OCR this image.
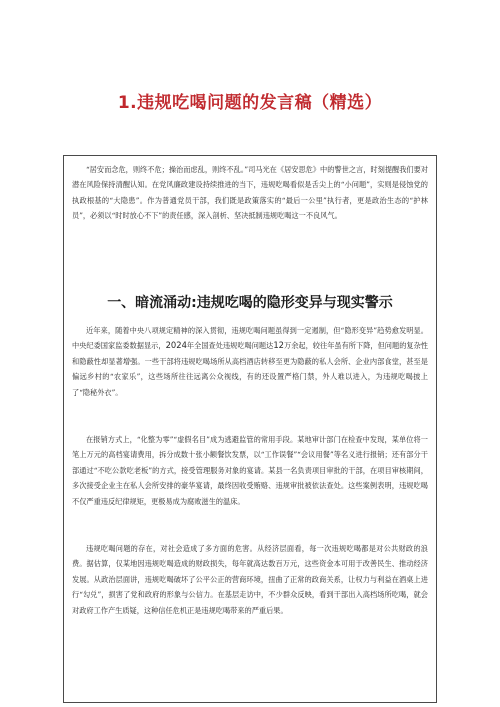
1.违规吃喝问题的发言稿（精选）

“居安而念危，则终不危；操治而虑乱，则终不乱。”司马光在《居安思危》中的警世之言，时刻提醒我们要对潜在风险保持清醒认知。在党风廉政建设持续推进的当下，违规吃喝看似是舌尖上的“小问题”，实则是侵蚀党的执政根基的“大隐患”。作为普通党员干部，我们既是政策落实的“最后一公里”执行者，更是政治生态的“护林员”，必须以“时时放心不下”的责任感，深入剖析、坚决抵制违规吃喝这一不良风气。

一、暗流涌动:违规吃喝的隐形变异与现实警示

近年来，随着中央八项规定精神的深入贯彻，违规吃喝问题虽得到一定遏制，但“隐形变异”趋势愈发明显。中央纪委国家监委数据显示，2024年全国查处违规吃喝问题达12万余起，较往年虽有所下降，但问题的复杂性和隐蔽性却显著增强。一些干部将违规吃喝场所从高档酒店转移至更为隐蔽的私人会所、企业内部食堂，甚至是偏远乡村的“农家乐”，这些场所往往远离公众视线，有的还设置严格门禁，外人难以进入，为违规吃喝披上了“隐秘外衣”。

在报销方式上，“化整为零”“虚假名目”成为逃避监管的常用手段。某地审计部门在检查中发现，某单位将一笔上万元的高档宴请费用，拆分成数十张小额餐饮发票，以“工作误餐”“会议用餐”等名义进行报销；还有部分干部通过“不吃公款吃老板”的方式，接受管理服务对象的宴请。某县一名负责项目审批的干部，在项目审核期间，多次接受企业主在私人会所安排的豪华宴请，最终因收受贿赂、违规审批被依法查处。这些案例表明，违规吃喝不仅严重违反纪律规矩，更极易成为腐败滋生的温床。

违规吃喝问题的存在，对社会造成了多方面的危害。从经济层面看，每一次违规吃喝都是对公共财政的浪费。据估算，仅某地因违规吃喝造成的财政损失，每年就高达数百万元，这些资金本可用于改善民生、推动经济发展。从政治层面讲，违规吃喝破坏了公平公正的营商环境，扭曲了正常的政商关系，让权力与利益在酒桌上进行“勾兑”，损害了党和政府的形象与公信力。在基层走访中，不少群众反映，看到干部出入高档场所吃喝，就会对政府工作产生质疑，这种信任危机正是违规吃喝带来的严重后果。
